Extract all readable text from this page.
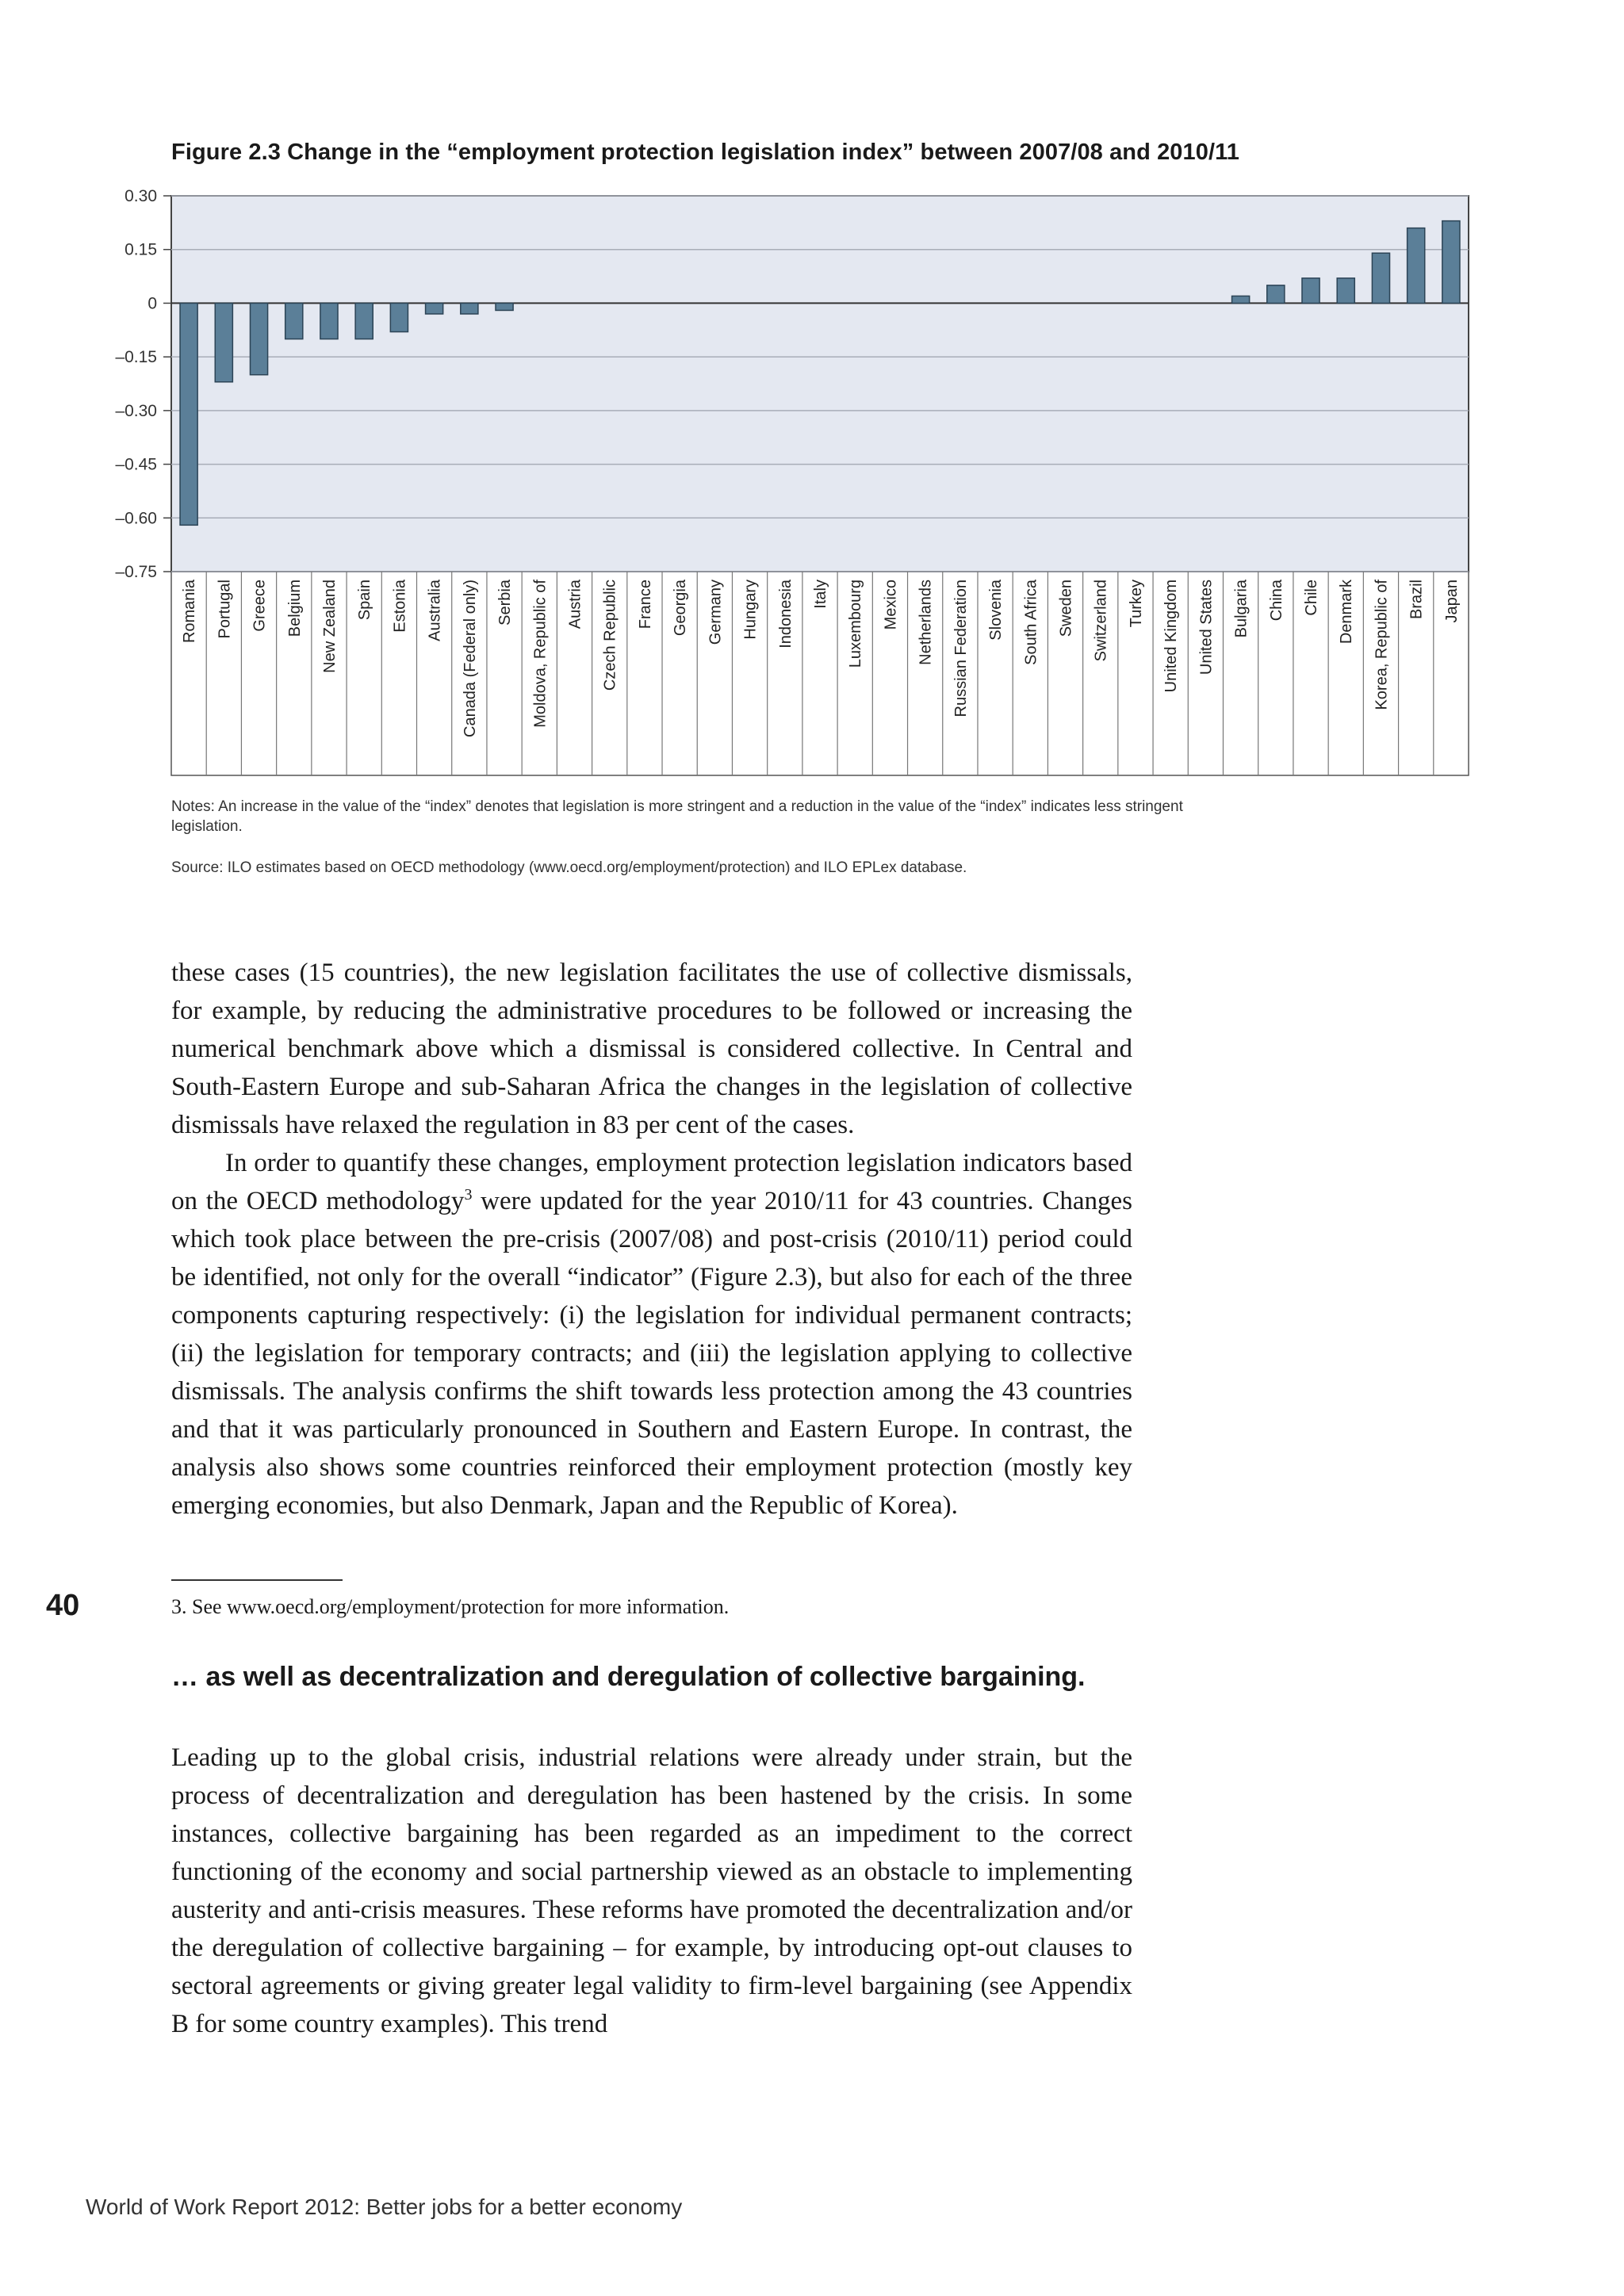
Figure 2.3 Change in the “employment protection legislation index” between 2007/08 and 2010/11
0.30
0.15
0
–0.15
–0.30
–0.45
–0.60
–0.75
Romania Portugal Greece Belgium New Zealand Spain Estonia Australia Canada (Federal only) Serbia Moldova, Republic of Austria Czech Republic France Georgia Germany Hungary Indonesia Italy Luxembourg Mexico Netherlands Russian Federation Slovenia South Africa Sweden Switzerland Turkey United Kingdom United States Bulgaria China Chile Denmark Korea, Republic of Brazil Japan
Notes: An increase in the value of the “index” denotes that legislation is more stringent and a reduction in the value of the “index” indicates less stringent legislation.
Source: ILO estimates based on OECD methodology (www.oecd.org/employment/protection) and ILO EPLex database.

these cases (15 countries), the new legislation facilitates the use of collective dismissals, for example, by reducing the administrative procedures to be followed or increasing the numerical benchmark above which a dismissal is considered collective. In Central and South-Eastern Europe and sub-Saharan Africa the changes in the legislation of collective dismissals have relaxed the regulation in 83 per cent of the cases.

In order to quantify these changes, employment protection legislation indicators based on the OECD methodology$^3$ were updated for the year 2010/11 for 43 countries. Changes which took place between the pre-crisis (2007/08) and post-crisis (2010/11) period could be identified, not only for the overall “indicator” (Figure 2.3), but also for each of the three components capturing respectively: (i) the legislation for individual permanent contracts; (ii) the legislation for temporary contracts; and (iii) the legislation applying to collective dismissals. The analysis confirms the shift towards less protection among the 43 countries and that it was particularly pronounced in Southern and Eastern Europe. In contrast, the analysis also shows some countries reinforced their employment protection (mostly key emerging economies, but also Denmark, Japan and the Republic of Korea).

… as well as decentralization and deregulation of collective bargaining.

Leading up to the global crisis, industrial relations were already under strain, but the process of decentralization and deregulation has been hastened by the crisis. In some instances, collective bargaining has been regarded as an impediment to the correct functioning of the economy and social partnership viewed as an obstacle to implementing austerity and anti-crisis measures. These reforms have promoted the decentralization and/or the deregulation of collective bargaining – for example, by introducing opt-out clauses to sectoral agreements or giving greater legal validity to firm-level bargaining (see Appendix B for some country examples). This trend

40	3. See www.oecd.org/employment/protection for more information.
World of Work Report 2012: Better jobs for a better economy
